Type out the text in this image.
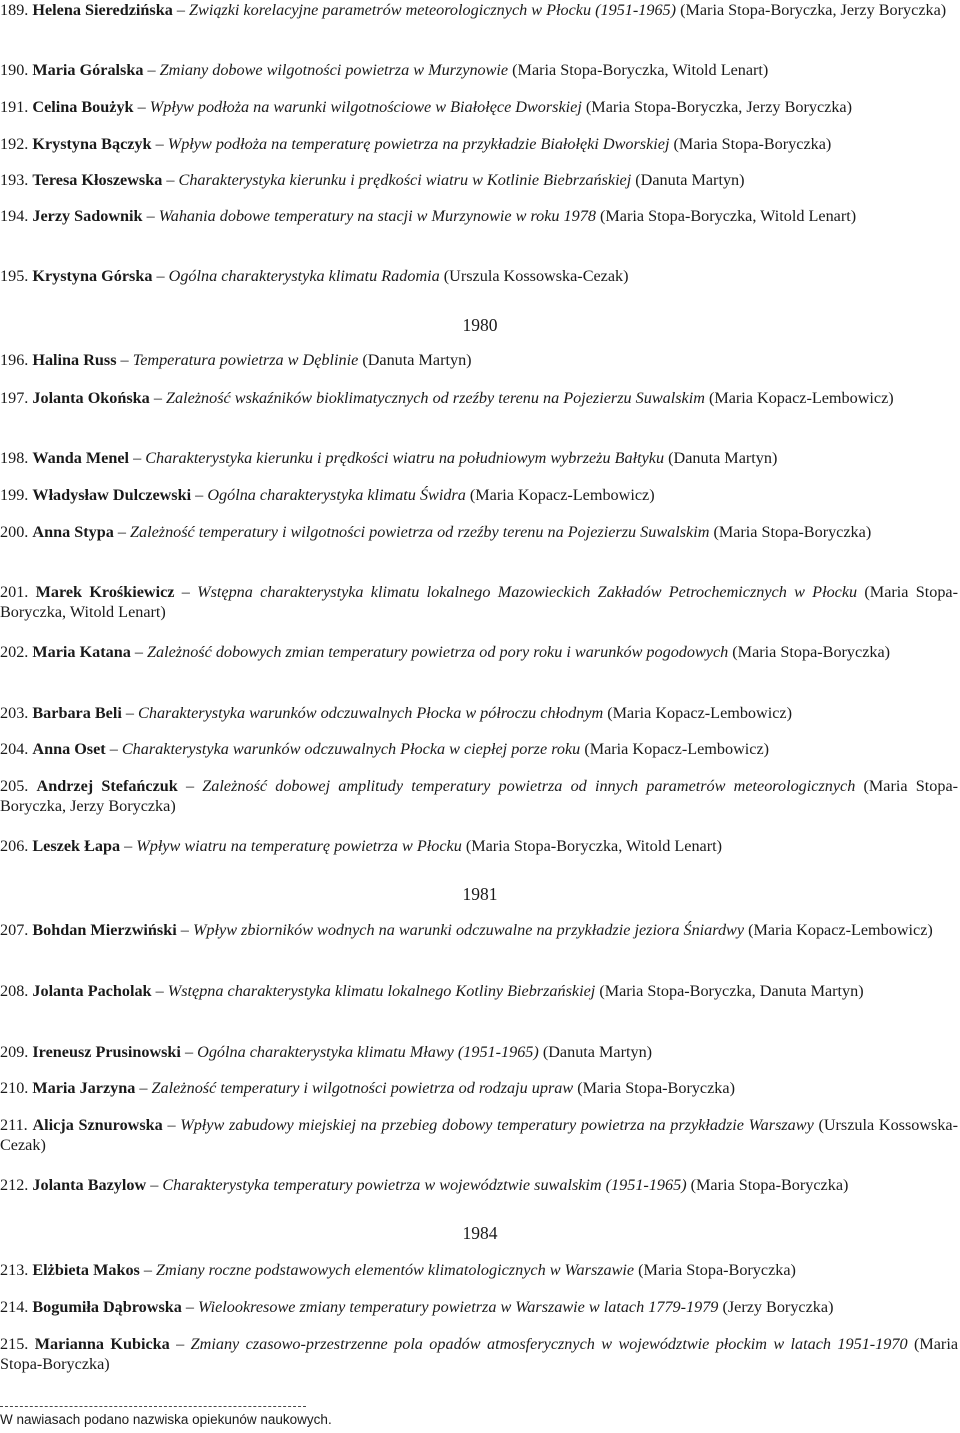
189. Helena Sieredzińska – Związki korelacyjne parametrów meteorologicznych w Płocku (1951-1965) (Maria Stopa-Boryczka, Jerzy Boryczka)
190. Maria Góralska – Zmiany dobowe wilgotności powietrza w Murzynowie (Maria Stopa-Boryczka, Witold Lenart)
191. Celina Boużyk – Wpływ podłoża na warunki wilgotnościowe w Białołęce Dworskiej (Maria Stopa-Boryczka, Jerzy Boryczka)
192. Krystyna Bączyk – Wpływ podłoża na temperaturę powietrza na przykładzie Białołęki Dworskiej (Maria Stopa-Boryczka)
193. Teresa Kłoszewska – Charakterystyka kierunku i prędkości wiatru w Kotlinie Biebrzańskiej (Danuta Martyn)
194. Jerzy Sadownik – Wahania dobowe temperatury na stacji w Murzynowie w roku 1978 (Maria Stopa-Boryczka, Witold Lenart)
195. Krystyna Górska – Ogólna charakterystyka klimatu Radomia (Urszula Kossowska-Cezak)
1980
196. Halina Russ – Temperatura powietrza w Dęblinie (Danuta Martyn)
197. Jolanta Okońska – Zależność wskaźników bioklimatycznych od rzeźby terenu na Pojezierzu Suwalskim (Maria Kopacz-Lembowicz)
198. Wanda Menel – Charakterystyka kierunku i prędkości wiatru na południowym wybrzeżu Bałtyku (Danuta Martyn)
199. Władysław Dulczewski – Ogólna charakterystyka klimatu Świdra (Maria Kopacz-Lembowicz)
200. Anna Stypa – Zależność temperatury i wilgotności powietrza od rzeźby terenu na Pojezierzu Suwalskim (Maria Stopa-Boryczka)
201. Marek Krośkiewicz – Wstępna charakterystyka klimatu lokalnego Mazowieckich Zakładów Petrochemicznych w Płocku (Maria Stopa-Boryczka, Witold Lenart)
202. Maria Katana – Zależność dobowych zmian temperatury powietrza od pory roku i warunków pogodowych (Maria Stopa-Boryczka)
203. Barbara Beli – Charakterystyka warunków odczuwalnych Płocka w półroczu chłodnym (Maria Kopacz-Lembowicz)
204. Anna Oset – Charakterystyka warunków odczuwalnych Płocka w ciepłej porze roku (Maria Kopacz-Lembowicz)
205. Andrzej Stefańczuk – Zależność dobowej amplitudy temperatury powietrza od innych parametrów meteorologicznych (Maria Stopa-Boryczka, Jerzy Boryczka)
206. Leszek Łapa – Wpływ wiatru na temperaturę powietrza w Płocku (Maria Stopa-Boryczka, Witold Lenart)
1981
207. Bohdan Mierzwiński – Wpływ zbiorników wodnych na warunki odczuwalne na przykładzie jeziora Śniardwy (Maria Kopacz-Lembowicz)
208. Jolanta Pacholak – Wstępna charakterystyka klimatu lokalnego Kotliny Biebrzańskiej (Maria Stopa-Boryczka, Danuta Martyn)
209. Ireneusz Prusinowski – Ogólna charakterystyka klimatu Mławy (1951-1965) (Danuta Martyn)
210. Maria Jarzyna – Zależność temperatury i wilgotności powietrza od rodzaju upraw (Maria Stopa-Boryczka)
211. Alicja Sznurowska – Wpływ zabudowy miejskiej na przebieg dobowy temperatury powietrza na przykładzie Warszawy (Urszula Kossowska-Cezak)
212. Jolanta Bazylow – Charakterystyka temperatury powietrza w województwie suwalskim (1951-1965) (Maria Stopa-Boryczka)
1984
213. Elżbieta Makos – Zmiany roczne podstawowych elementów klimatologicznych w Warszawie (Maria Stopa-Boryczka)
214. Bogumiła Dąbrowska – Wielookresowe zmiany temperatury powietrza w Warszawie w latach 1779-1979 (Jerzy Boryczka)
215. Marianna Kubicka – Zmiany czasowo-przestrzenne pola opadów atmosferycznych w województwie płockim w latach 1951-1970 (Maria Stopa-Boryczka)
W nawiasach podano nazwiska opiekunów naukowych.
